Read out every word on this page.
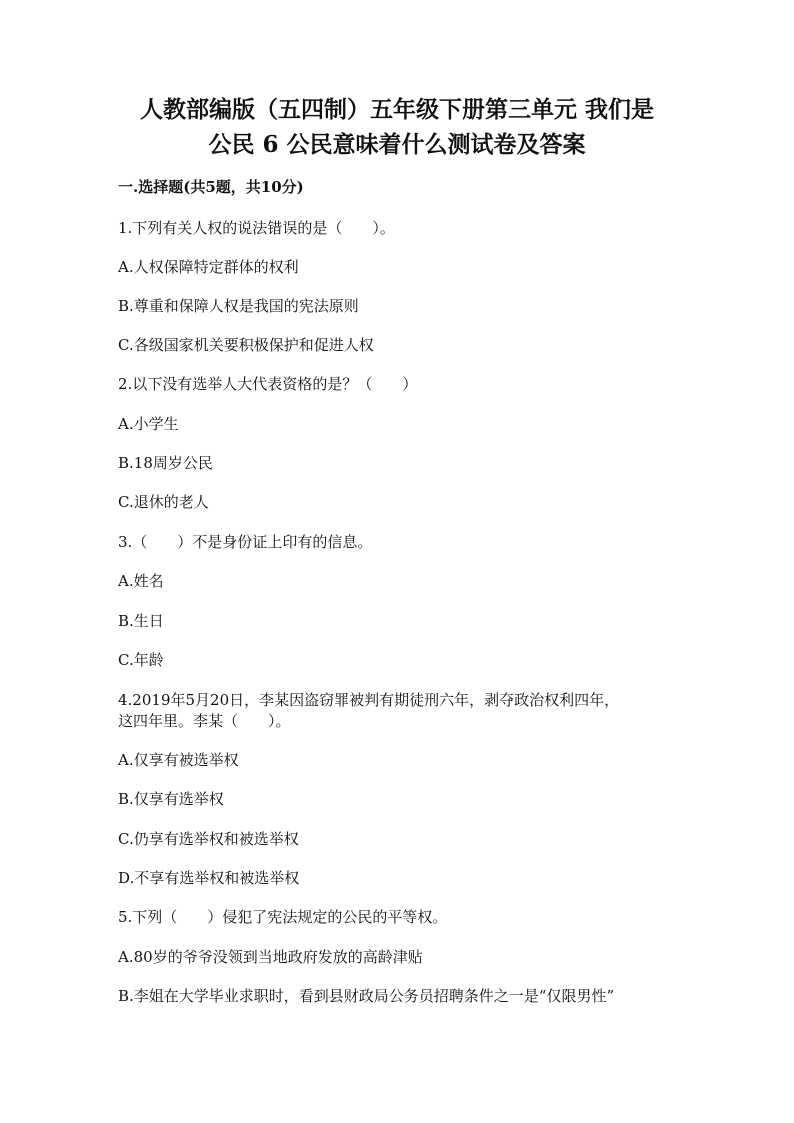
人教部编版（五四制）五年级下册第三单元 我们是
公民 6 公民意味着什么测试卷及答案

一.选择题(共5题，共10分)

1.下列有关人权的说法错误的是（　　）。

A.人权保障特定群体的权利

B.尊重和保障人权是我国的宪法原则

C.各级国家机关要积极保护和促进人权

2.以下没有选举人大代表资格的是？（　　）

A.小学生

B.18周岁公民

C.退休的老人

3.（　　）不是身份证上印有的信息。

A.姓名

B.生日

C.年龄

4.2019年5月20日，李某因盗窃罪被判有期徒刑六年，剥夺政治权利四年，

这四年里。李某（　　）。

A.仅享有被选举权

B.仅享有选举权

C.仍享有选举权和被选举权

D.不享有选举权和被选举权

5.下列（　　）侵犯了宪法规定的公民的平等权。

A.80岁的爷爷没领到当地政府发放的高龄津贴

B.李姐在大学毕业求职时，看到县财政局公务员招聘条件之一是“仅限男性”
